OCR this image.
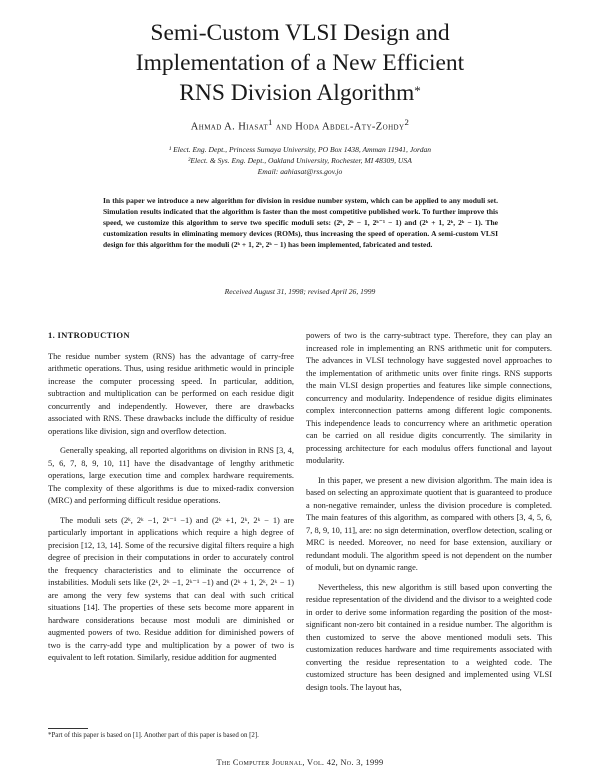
Semi-Custom VLSI Design and
Implementation of a New Efficient
RNS Division Algorithm*
Ahmad A. Hiasat$^1$ and Hoda Abdel-Aty-Zohdy$^2$
¹ Elect. Eng. Dept., Princess Sumaya University, PO Box 1438, Amman 11941, Jordan
²Elect. & Sys. Eng. Dept., Oakland University, Rochester, MI 48309, USA
Email: aahiasat@rss.gov.jo
In this paper we introduce a new algorithm for division in residue number system, which can be applied to any moduli set. Simulation results indicated that the algorithm is faster than the most competitive published work. To further improve this speed, we customize this algorithm to serve two specific moduli sets: (2ᵏ, 2ᵏ − 1, 2ᵏ⁻¹ − 1) and (2ᵏ + 1, 2ᵏ, 2ᵏ − 1). The customization results in eliminating memory devices (ROMs), thus increasing the speed of operation. A semi-custom VLSI design for this algorithm for the moduli (2ᵏ + 1, 2ᵏ, 2ᵏ − 1) has been implemented, fabricated and tested.
Received August 31, 1998; revised April 26, 1999
1. INTRODUCTION

The residue number system (RNS) has the advantage of carry-free arithmetic operations. Thus, using residue arithmetic would in principle increase the computer processing speed. In particular, addition, subtraction and multiplication can be performed on each residue digit concurrently and independently. However, there are drawbacks associated with RNS. These drawbacks include the difficulty of residue operations like division, sign and overflow detection.

Generally speaking, all reported algorithms on division in RNS [3, 4, 5, 6, 7, 8, 9, 10, 11] have the disadvantage of lengthy arithmetic operations, large execution time and complex hardware requirements. The complexity of these algorithms is due to mixed-radix conversion (MRC) and performing difficult residue operations.

The moduli sets (2ᵏ, 2ᵏ −1, 2ᵏ⁻¹ −1) and (2ᵏ +1, 2ᵏ, 2ᵏ − 1) are particularly important in applications which require a high degree of precision [12, 13, 14]. Some of the recursive digital filters require a high degree of precision in their computations in order to accurately control the frequency characteristics and to eliminate the occurrence of instabilities. Moduli sets like (2ᵏ, 2ᵏ −1, 2ᵏ⁻¹ −1) and (2ᵏ + 1, 2ᵏ, 2ᵏ − 1) are among the very few systems that can deal with such critical situations [14]. The properties of these sets become more apparent in hardware considerations because most moduli are diminished or augmented powers of two. Residue addition for diminished powers of two is the carry-add type and multiplication by a power of two is equivalent to left rotation. Similarly, residue addition for augmented

powers of two is the carry-subtract type. Therefore, they can play an increased role in implementing an RNS arithmetic unit for computers. The advances in VLSI technology have suggested novel approaches to the implementation of arithmetic units over finite rings. RNS supports the main VLSI design properties and features like simple connections, concurrency and modularity. Independence of residue digits eliminates complex interconnection patterns among different logic components. This independence leads to concurrency where an arithmetic operation can be carried on all residue digits concurrently. The similarity in processing architecture for each modulus offers functional and layout modularity.

In this paper, we present a new division algorithm. The main idea is based on selecting an approximate quotient that is guaranteed to produce a non-negative remainder, unless the division procedure is completed. The main features of this algorithm, as compared with others [3, 4, 5, 6, 7, 8, 9, 10, 11], are: no sign determination, overflow detection, scaling or MRC is needed. Moreover, no need for base extension, auxiliary or redundant moduli. The algorithm speed is not dependent on the number of moduli, but on dynamic range.

Nevertheless, this new algorithm is still based upon converting the residue representation of the dividend and the divisor to a weighted code in order to derive some information regarding the position of the most-significant non-zero bit contained in a residue number. The algorithm is then customized to serve the above mentioned moduli sets. This customization reduces hardware and time requirements associated with converting the residue representation to a weighted code. The customized structure has been designed and implemented using VLSI design tools. The layout has,

*Part of this paper is based on [1]. Another part of this paper is based on [2].
The Computer Journal, Vol. 42, No. 3, 1999
